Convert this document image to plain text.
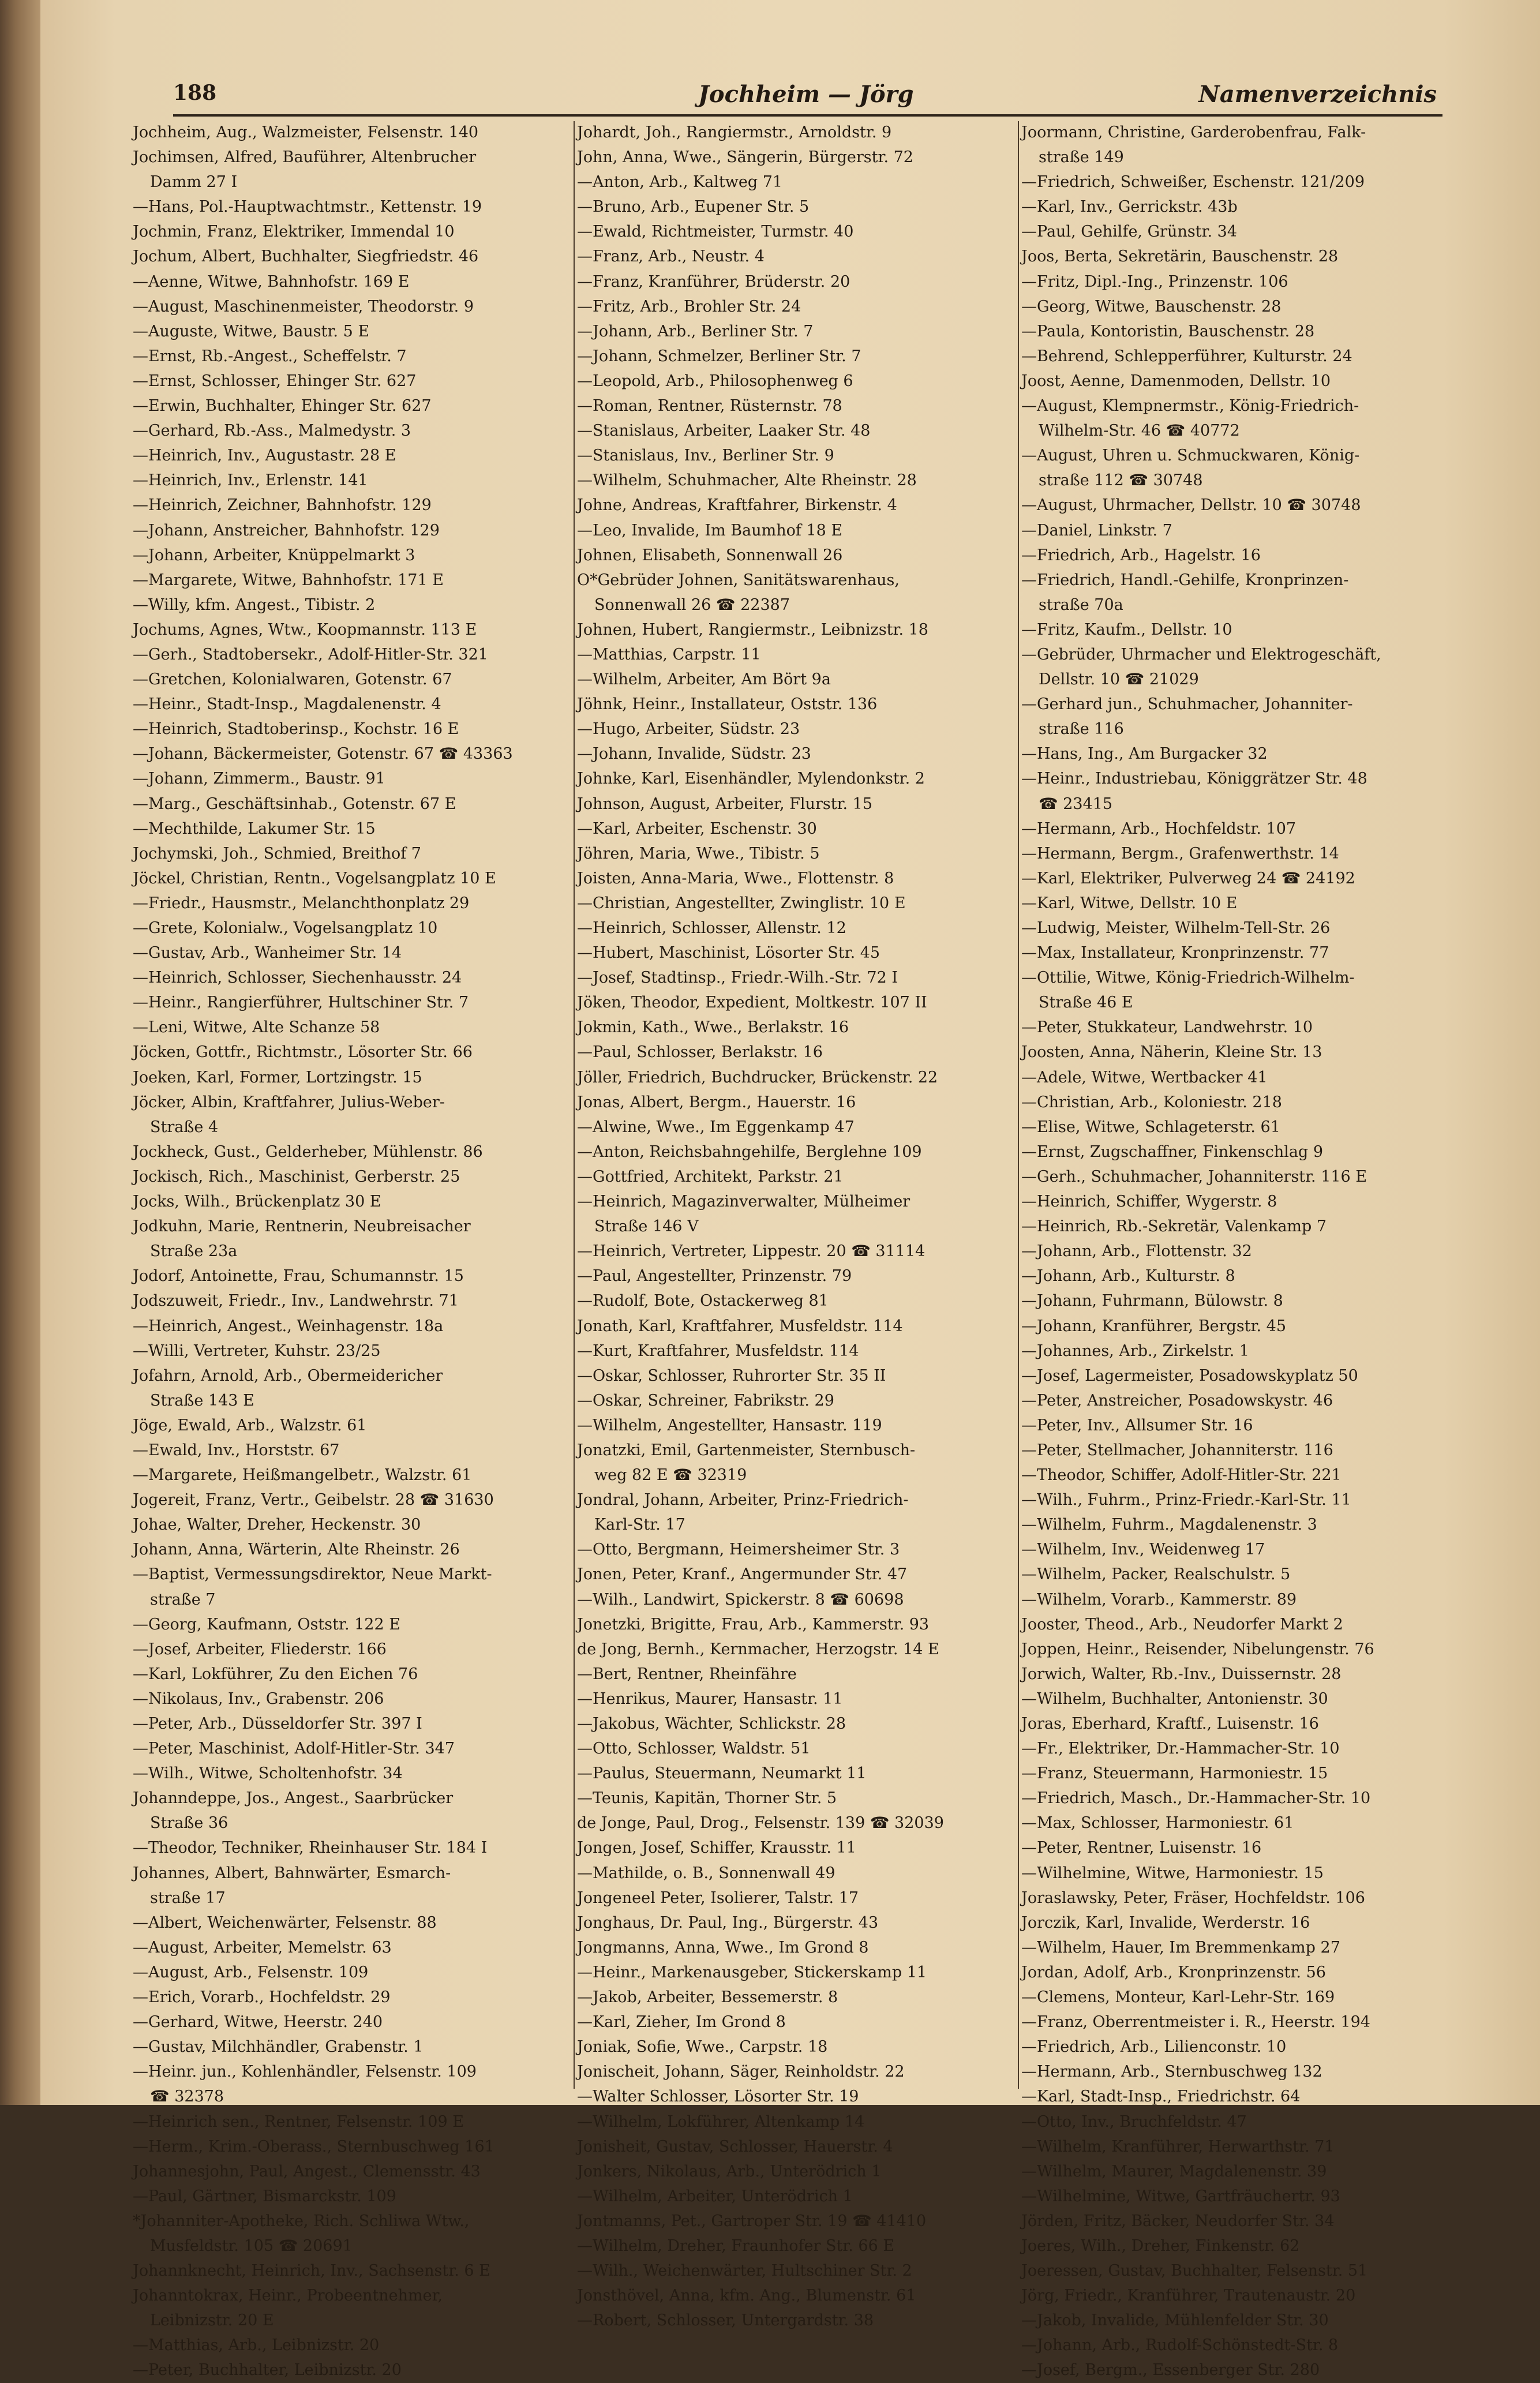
188	Jochheim — Jörg	Namenverzeichnis
Jochheim, Aug., Walzmeister, Felsenstr. 140
Jochimsen, Alfred, Bauführer, Altenbrucher
Damm 27 I
—Hans, Pol.-Hauptwachtmstr., Kettenstr. 19
Jochmin, Franz, Elektriker, Immendal 10
Jochum, Albert, Buchhalter, Siegfriedstr. 46
—Aenne, Witwe, Bahnhofstr. 169 E
—August, Maschinenmeister, Theodorstr. 9
—Auguste, Witwe, Baustr. 5 E
—Ernst, Rb.-Angest., Scheffelstr. 7
—Ernst, Schlosser, Ehinger Str. 627
—Erwin, Buchhalter, Ehinger Str. 627
—Gerhard, Rb.-Ass., Malmedystr. 3
—Heinrich, Inv., Augustastr. 28 E
—Heinrich, Inv., Erlenstr. 141
—Heinrich, Zeichner, Bahnhofstr. 129
—Johann, Anstreicher, Bahnhofstr. 129
—Johann, Arbeiter, Knüppelmarkt 3
—Margarete, Witwe, Bahnhofstr. 171 E
—Willy, kfm. Angest., Tibistr. 2
Jochums, Agnes, Wtw., Koopmannstr. 113 E
—Gerh., Stadtobersekr., Adolf-Hitler-Str. 321
—Gretchen, Kolonialwaren, Gotenstr. 67
—Heinr., Stadt-Insp., Magdalenenstr. 4
—Heinrich, Stadtoberinsp., Kochstr. 16 E
—Johann, Bäckermeister, Gotenstr. 67 ☎ 43363
—Johann, Zimmerm., Baustr. 91
—Marg., Geschäftsinhab., Gotenstr. 67 E
—Mechthilde, Lakumer Str. 15
Jochymski, Joh., Schmied, Breithof 7
Jöckel, Christian, Rentn., Vogelsangplatz 10 E
—Friedr., Hausmstr., Melanchthonplatz 29
—Grete, Kolonialw., Vogelsangplatz 10
—Gustav, Arb., Wanheimer Str. 14
—Heinrich, Schlosser, Siechenhausstr. 24
—Heinr., Rangierführer, Hultschiner Str. 7
—Leni, Witwe, Alte Schanze 58
Jöcken, Gottfr., Richtmstr., Lösorter Str. 66
Joeken, Karl, Former, Lortzingstr. 15
Jöcker, Albin, Kraftfahrer, Julius-Weber-
Straße 4
Jockheck, Gust., Gelderheber, Mühlenstr. 86
Jockisch, Rich., Maschinist, Gerberstr. 25
Jocks, Wilh., Brückenplatz 30 E
Jodkuhn, Marie, Rentnerin, Neubreisacher
Straße 23a
Jodorf, Antoinette, Frau, Schumannstr. 15
Jodszuweit, Friedr., Inv., Landwehrstr. 71
—Heinrich, Angest., Weinhagenstr. 18a
—Willi, Vertreter, Kuhstr. 23/25
Jofahrn, Arnold, Arb., Obermeidericher
Straße 143 E
Jöge, Ewald, Arb., Walzstr. 61
—Ewald, Inv., Horststr. 67
—Margarete, Heißmangelbetr., Walzstr. 61
Jogereit, Franz, Vertr., Geibelstr. 28 ☎ 31630
Johae, Walter, Dreher, Heckenstr. 30
Johann, Anna, Wärterin, Alte Rheinstr. 26
—Baptist, Vermessungsdirektor, Neue Markt-
straße 7
—Georg, Kaufmann, Oststr. 122 E
—Josef, Arbeiter, Fliederstr. 166
—Karl, Lokführer, Zu den Eichen 76
—Nikolaus, Inv., Grabenstr. 206
—Peter, Arb., Düsseldorfer Str. 397 I
—Peter, Maschinist, Adolf-Hitler-Str. 347
—Wilh., Witwe, Scholtenhofstr. 34
Johanndeppe, Jos., Angest., Saarbrücker
Straße 36
—Theodor, Techniker, Rheinhauser Str. 184 I
Johannes, Albert, Bahnwärter, Esmarch-
straße 17
—Albert, Weichenwärter, Felsenstr. 88
—August, Arbeiter, Memelstr. 63
—August, Arb., Felsenstr. 109
—Erich, Vorarb., Hochfeldstr. 29
—Gerhard, Witwe, Heerstr. 240
—Gustav, Milchhändler, Grabenstr. 1
—Heinr. jun., Kohlenhändler, Felsenstr. 109
☎ 32378
—Heinrich sen., Rentner, Felsenstr. 109 E
—Herm., Krim.-Oberass., Sternbuschweg 161
Johannesjohn, Paul, Angest., Clemensstr. 43
—Paul, Gärtner, Bismarckstr. 109
*Johanniter-Apotheke, Rich. Schliwa Wtw.,
Musfeldstr. 105 ☎ 20691
Johannknecht, Heinrich, Inv., Sachsenstr. 6 E
Johanntokrax, Heinr., Probeentnehmer,
Leibnizstr. 20 E
—Matthias, Arb., Leibnizstr. 20
—Peter, Buchhalter, Leibnizstr. 20
Johardt, Joh., Rangiermstr., Arnoldstr. 9
John, Anna, Wwe., Sängerin, Bürgerstr. 72
—Anton, Arb., Kaltweg 71
—Bruno, Arb., Eupener Str. 5
—Ewald, Richtmeister, Turmstr. 40
—Franz, Arb., Neustr. 4
—Franz, Kranführer, Brüderstr. 20
—Fritz, Arb., Brohler Str. 24
—Johann, Arb., Berliner Str. 7
—Johann, Schmelzer, Berliner Str. 7
—Leopold, Arb., Philosophenweg 6
—Roman, Rentner, Rüsternstr. 78
—Stanislaus, Arbeiter, Laaker Str. 48
—Stanislaus, Inv., Berliner Str. 9
—Wilhelm, Schuhmacher, Alte Rheinstr. 28
Johne, Andreas, Kraftfahrer, Birkenstr. 4
—Leo, Invalide, Im Baumhof 18 E
Johnen, Elisabeth, Sonnenwall 26
O*Gebrüder Johnen, Sanitätswarenhaus,
Sonnenwall 26 ☎ 22387
Johnen, Hubert, Rangiermstr., Leibnizstr. 18
—Matthias, Carpstr. 11
—Wilhelm, Arbeiter, Am Bört 9a
Jöhnk, Heinr., Installateur, Oststr. 136
—Hugo, Arbeiter, Südstr. 23
—Johann, Invalide, Südstr. 23
Johnke, Karl, Eisenhändler, Mylendonkstr. 2
Johnson, August, Arbeiter, Flurstr. 15
—Karl, Arbeiter, Eschenstr. 30
Jöhren, Maria, Wwe., Tibistr. 5
Joisten, Anna-Maria, Wwe., Flottenstr. 8
—Christian, Angestellter, Zwinglistr. 10 E
—Heinrich, Schlosser, Allenstr. 12
—Hubert, Maschinist, Lösorter Str. 45
—Josef, Stadtinsp., Friedr.-Wilh.-Str. 72 I
Jöken, Theodor, Expedient, Moltkestr. 107 II
Jokmin, Kath., Wwe., Berlakstr. 16
—Paul, Schlosser, Berlakstr. 16
Jöller, Friedrich, Buchdrucker, Brückenstr. 22
Jonas, Albert, Bergm., Hauerstr. 16
—Alwine, Wwe., Im Eggenkamp 47
—Anton, Reichsbahngehilfe, Berglehne 109
—Gottfried, Architekt, Parkstr. 21
—Heinrich, Magazinverwalter, Mülheimer
Straße 146 V
—Heinrich, Vertreter, Lippestr. 20 ☎ 31114
—Paul, Angestellter, Prinzenstr. 79
—Rudolf, Bote, Ostackerweg 81
Jonath, Karl, Kraftfahrer, Musfeldstr. 114
—Kurt, Kraftfahrer, Musfeldstr. 114
—Oskar, Schlosser, Ruhrorter Str. 35 II
—Oskar, Schreiner, Fabrikstr. 29
—Wilhelm, Angestellter, Hansastr. 119
Jonatzki, Emil, Gartenmeister, Sternbusch-
weg 82 E ☎ 32319
Jondral, Johann, Arbeiter, Prinz-Friedrich-
Karl-Str. 17
—Otto, Bergmann, Heimersheimer Str. 3
Jonen, Peter, Kranf., Angermunder Str. 47
—Wilh., Landwirt, Spickerstr. 8 ☎ 60698
Jonetzki, Brigitte, Frau, Arb., Kammerstr. 93
de Jong, Bernh., Kernmacher, Herzogstr. 14 E
—Bert, Rentner, Rheinfähre
—Henrikus, Maurer, Hansastr. 11
—Jakobus, Wächter, Schlickstr. 28
—Otto, Schlosser, Waldstr. 51
—Paulus, Steuermann, Neumarkt 11
—Teunis, Kapitän, Thorner Str. 5
de Jonge, Paul, Drog., Felsenstr. 139 ☎ 32039
Jongen, Josef, Schiffer, Krausstr. 11
—Mathilde, o. B., Sonnenwall 49
Jongeneel Peter, Isolierer, Talstr. 17
Jonghaus, Dr. Paul, Ing., Bürgerstr. 43
Jongmanns, Anna, Wwe., Im Grond 8
—Heinr., Markenausgeber, Stickerskamp 11
—Jakob, Arbeiter, Bessemerstr. 8
—Karl, Zieher, Im Grond 8
Joniak, Sofie, Wwe., Carpstr. 18
Jonischeit, Johann, Säger, Reinholdstr. 22
—Walter Schlosser, Lösorter Str. 19
—Wilhelm, Lokführer, Altenkamp 14
Jonisheit, Gustav, Schlosser, Hauerstr. 4
Jonkers, Nikolaus, Arb., Unterödrich 1
—Wilhelm, Arbeiter, Unterödrich 1
Jontmanns, Pet., Gartroper Str. 19 ☎ 41410
—Wilhelm, Dreher, Fraunhofer Str. 66 E
—Wilh., Weichenwärter, Hultschiner Str. 2
Jonsthövel, Anna, kfm. Ang., Blumenstr. 61
—Robert, Schlosser, Untergardstr. 38
Joormann, Christine, Garderobenfrau, Falk-
straße 149
—Friedrich, Schweißer, Eschenstr. 121/209
—Karl, Inv., Gerrickstr. 43b
—Paul, Gehilfe, Grünstr. 34
Joos, Berta, Sekretärin, Bauschenstr. 28
—Fritz, Dipl.-Ing., Prinzenstr. 106
—Georg, Witwe, Bauschenstr. 28
—Paula, Kontoristin, Bauschenstr. 28
—Behrend, Schlepperführer, Kulturstr. 24
Joost, Aenne, Damenmoden, Dellstr. 10
—August, Klempnermstr., König-Friedrich-
Wilhelm-Str. 46 ☎ 40772
—August, Uhren u. Schmuckwaren, König-
straße 112 ☎ 30748
—August, Uhrmacher, Dellstr. 10 ☎ 30748
—Daniel, Linkstr. 7
—Friedrich, Arb., Hagelstr. 16
—Friedrich, Handl.-Gehilfe, Kronprinzen-
straße 70a
—Fritz, Kaufm., Dellstr. 10
—Gebrüder, Uhrmacher und Elektrogeschäft,
Dellstr. 10 ☎ 21029
—Gerhard jun., Schuhmacher, Johanniter-
straße 116
—Hans, Ing., Am Burgacker 32
—Heinr., Industriebau, Königgrätzer Str. 48
☎ 23415
—Hermann, Arb., Hochfeldstr. 107
—Hermann, Bergm., Grafenwerthstr. 14
—Karl, Elektriker, Pulverweg 24 ☎ 24192
—Karl, Witwe, Dellstr. 10 E
—Ludwig, Meister, Wilhelm-Tell-Str. 26
—Max, Installateur, Kronprinzenstr. 77
—Ottilie, Witwe, König-Friedrich-Wilhelm-
Straße 46 E
—Peter, Stukkateur, Landwehrstr. 10
Joosten, Anna, Näherin, Kleine Str. 13
—Adele, Witwe, Wertbacker 41
—Christian, Arb., Koloniestr. 218
—Elise, Witwe, Schlageterstr. 61
—Ernst, Zugschaffner, Finkenschlag 9
—Gerh., Schuhmacher, Johanniterstr. 116 E
—Heinrich, Schiffer, Wygerstr. 8
—Heinrich, Rb.-Sekretär, Valenkamp 7
—Johann, Arb., Flottenstr. 32
—Johann, Arb., Kulturstr. 8
—Johann, Fuhrmann, Bülowstr. 8
—Johann, Kranführer, Bergstr. 45
—Johannes, Arb., Zirkelstr. 1
—Josef, Lagermeister, Posadowskyplatz 50
—Peter, Anstreicher, Posadowskystr. 46
—Peter, Inv., Allsumer Str. 16
—Peter, Stellmacher, Johanniterstr. 116
—Theodor, Schiffer, Adolf-Hitler-Str. 221
—Wilh., Fuhrm., Prinz-Friedr.-Karl-Str. 11
—Wilhelm, Fuhrm., Magdalenenstr. 3
—Wilhelm, Inv., Weidenweg 17
—Wilhelm, Packer, Realschulstr. 5
—Wilhelm, Vorarb., Kammerstr. 89
Jooster, Theod., Arb., Neudorfer Markt 2
Joppen, Heinr., Reisender, Nibelungenstr. 76
Jorwich, Walter, Rb.-Inv., Duissernstr. 28
—Wilhelm, Buchhalter, Antonienstr. 30
Joras, Eberhard, Kraftf., Luisenstr. 16
—Fr., Elektriker, Dr.-Hammacher-Str. 10
—Franz, Steuermann, Harmoniestr. 15
—Friedrich, Masch., Dr.-Hammacher-Str. 10
—Max, Schlosser, Harmoniestr. 61
—Peter, Rentner, Luisenstr. 16
—Wilhelmine, Witwe, Harmoniestr. 15
Joraslawsky, Peter, Fräser, Hochfeldstr. 106
Jorczik, Karl, Invalide, Werderstr. 16
—Wilhelm, Hauer, Im Bremmenkamp 27
Jordan, Adolf, Arb., Kronprinzenstr. 56
—Clemens, Monteur, Karl-Lehr-Str. 169
—Franz, Oberrentmeister i. R., Heerstr. 194
—Friedrich, Arb., Lilienconstr. 10
—Hermann, Arb., Sternbuschweg 132
—Karl, Stadt-Insp., Friedrichstr. 64
—Otto, Inv., Bruchfeldstr. 47
—Wilhelm, Kranführer, Herwarthstr. 71
—Wilhelm, Maurer, Magdalenenstr. 39
—Wilhelmine, Witwe, Gartfräuchertr. 93
Jörden, Fritz, Bäcker, Neudorfer Str. 34
Joeres, Wilh., Dreher, Finkenstr. 62
Joeressen, Gustav, Buchhalter, Felsenstr. 51
Jörg, Friedr., Kranführer, Trautenaustr. 20
—Jakob, Invalide, Mühlenfelder Str. 30
—Johann, Arb., Rudolf-Schönstedt-Str. 8
—Josef, Bergm., Essenberger Str. 280
